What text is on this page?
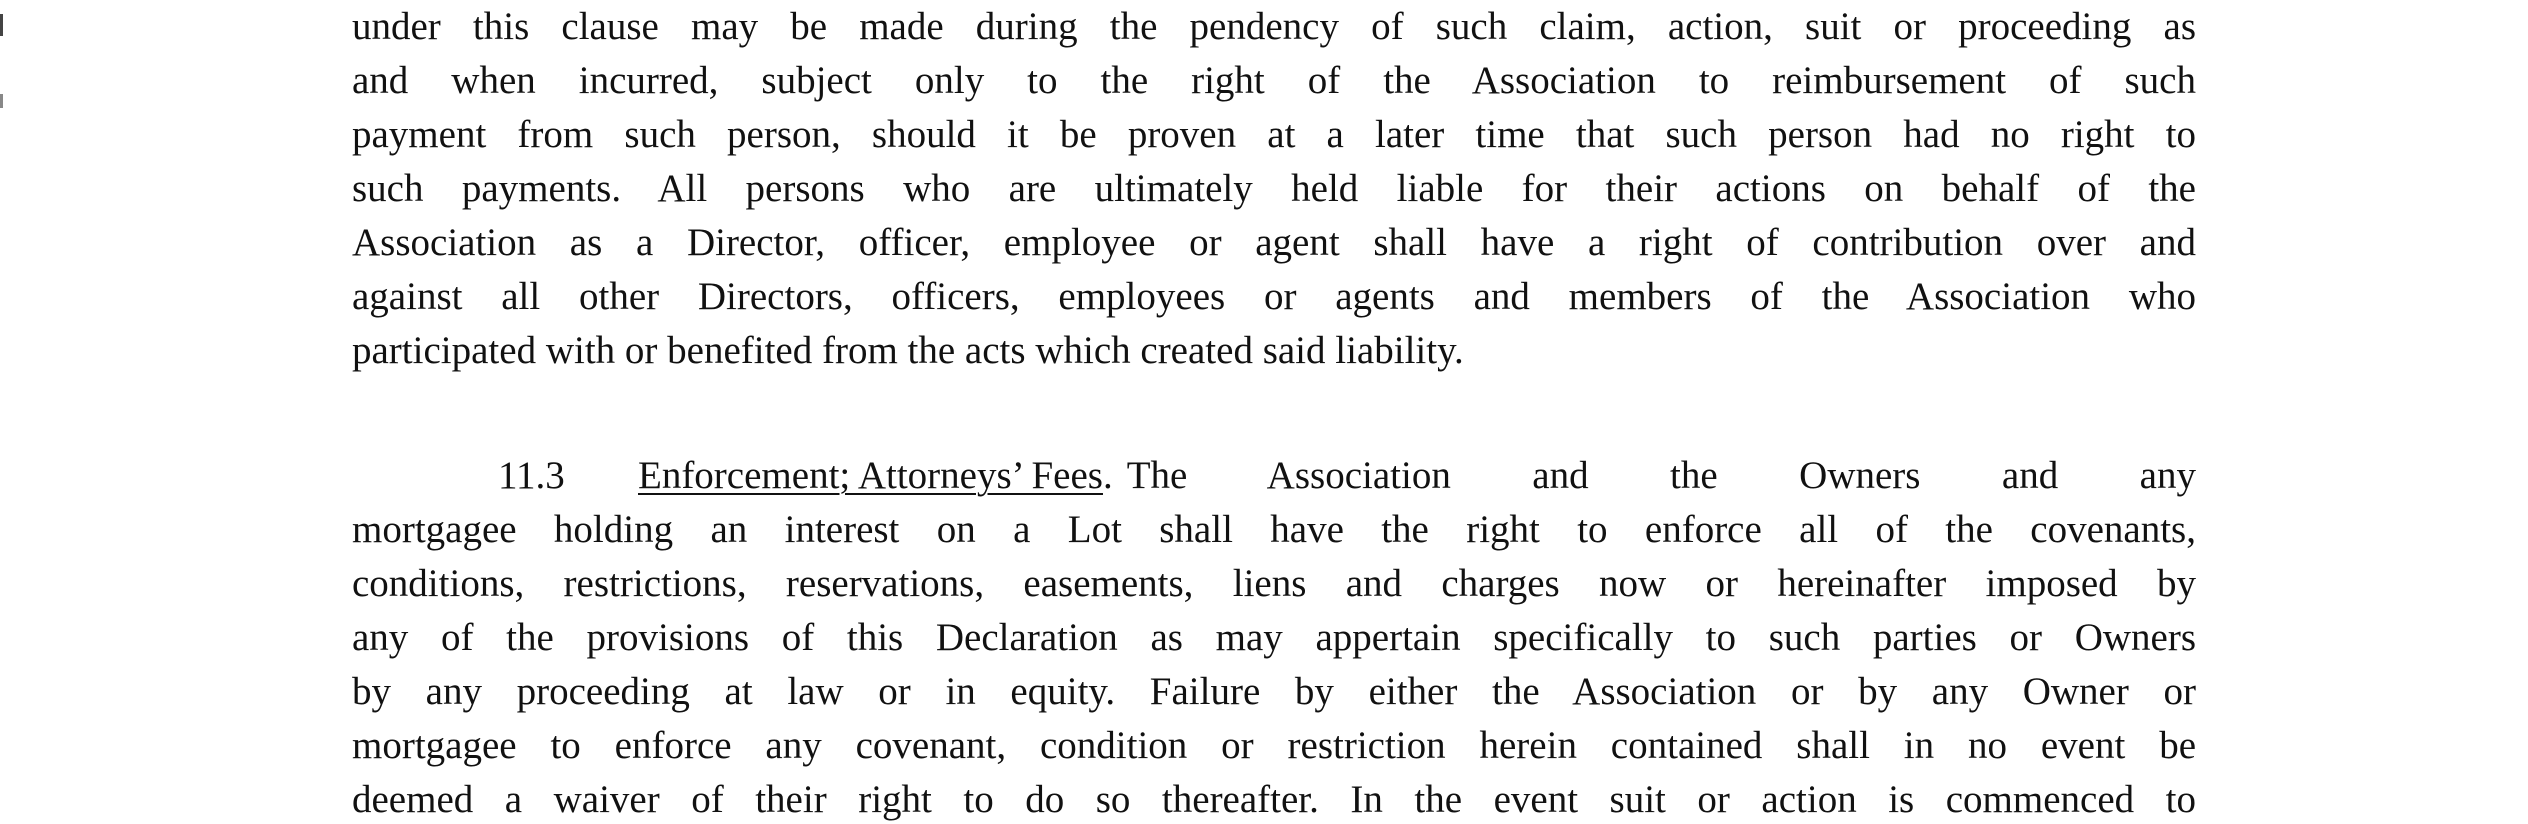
under this clause may be made during the pendency of such claim, action, suit or proceeding as
and when incurred, subject only to the right of the Association to reimbursement of such
payment from such person, should it be proven at a later time that such person had no right to
such payments. All persons who are ultimately held liable for their actions on behalf of the
Association as a Director, officer, employee or agent shall have a right of contribution over and
against all other Directors, officers, employees or agents and members of the Association who
participated with or benefited from the acts which created said liability.
11.3	Enforcement; Attorneys’ Fees . The Association and the Owners and any
mortgagee holding an interest on a Lot shall have the right to enforce all of the covenants,
conditions, restrictions, reservations, easements, liens and charges now or hereinafter imposed by
any of the provisions of this Declaration as may appertain specifically to such parties or Owners
by any proceeding at law or in equity. Failure by either the Association or by any Owner or
mortgagee to enforce any covenant, condition or restriction herein contained shall in no event be
deemed a waiver of their right to do so thereafter. In the event suit or action is commenced to
